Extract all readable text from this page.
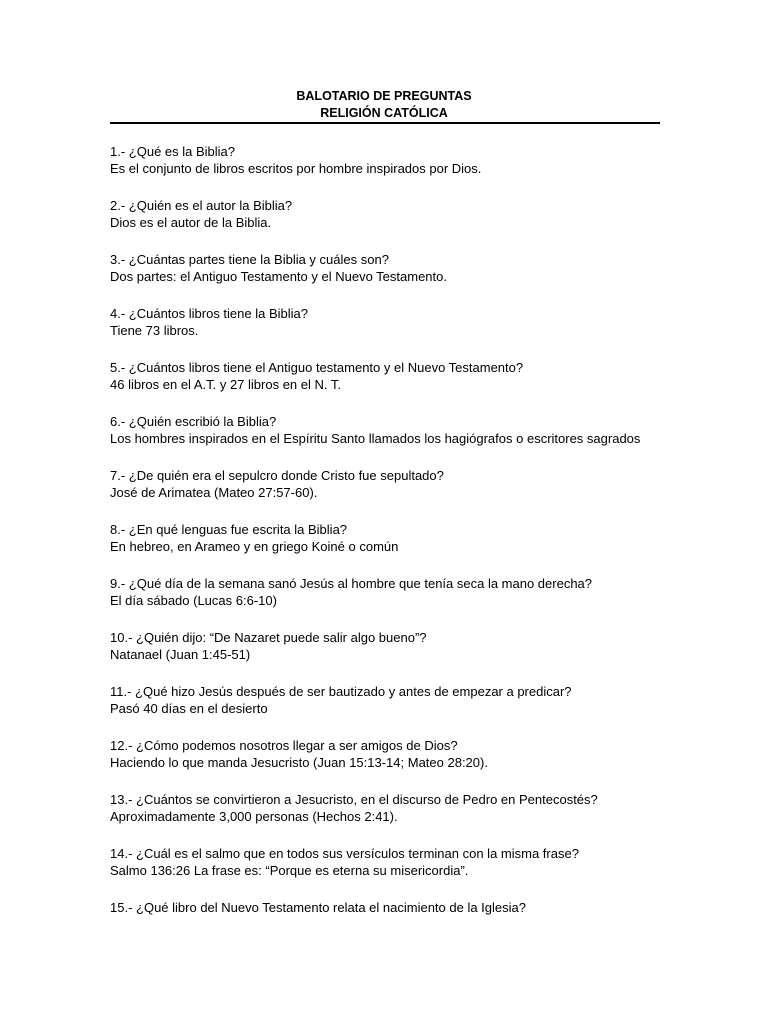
BALOTARIO DE PREGUNTAS
RELIGIÓN CATÓLICA

1.- ¿Qué es la Biblia?

Es el conjunto de libros escritos por hombre inspirados por Dios.

2.- ¿Quién es el autor la Biblia?

Dios es el autor de la Biblia.

3.- ¿Cuántas partes tiene la Biblia y cuáles son?

Dos partes: el Antiguo Testamento y el Nuevo Testamento.

4.- ¿Cuántos libros tiene la Biblia?

Tiene 73 libros.

5.- ¿Cuántos libros tiene el Antiguo testamento y el Nuevo Testamento?

46 libros en el A.T. y 27 libros en el N. T.

6.- ¿Quién escribió la Biblia?

Los hombres inspirados en el Espíritu Santo llamados los hagiógrafos o escritores sagrados

7.- ¿De quién era el sepulcro donde Cristo fue sepultado?

José de Arimatea (Mateo 27:57-60).

8.- ¿En qué lenguas fue escrita la Biblia?

En hebreo, en Arameo y en griego Koiné o común

9.- ¿Qué día de la semana sanó Jesús al hombre que tenía seca la mano derecha?

El día sábado (Lucas 6:6-10)

10.- ¿Quién dijo: “De Nazaret puede salir algo bueno”?

Natanael (Juan 1:45-51)

11.- ¿Qué hizo Jesús después de ser bautizado y antes de empezar a predicar?

Pasó 40 días en el desierto

12.- ¿Cómo podemos nosotros llegar a ser amigos de Dios?

Haciendo lo que manda Jesucristo (Juan 15:13-14; Mateo 28:20).

13.- ¿Cuántos se convirtieron a Jesucristo, en el discurso de Pedro en Pentecostés?

Aproximadamente 3,000 personas (Hechos 2:41).

14.- ¿Cuál es el salmo que en todos sus versículos terminan con la misma frase?

Salmo 136:26 La frase es: “Porque es eterna su misericordia”.

15.- ¿Qué libro del Nuevo Testamento relata el nacimiento de la Iglesia?
